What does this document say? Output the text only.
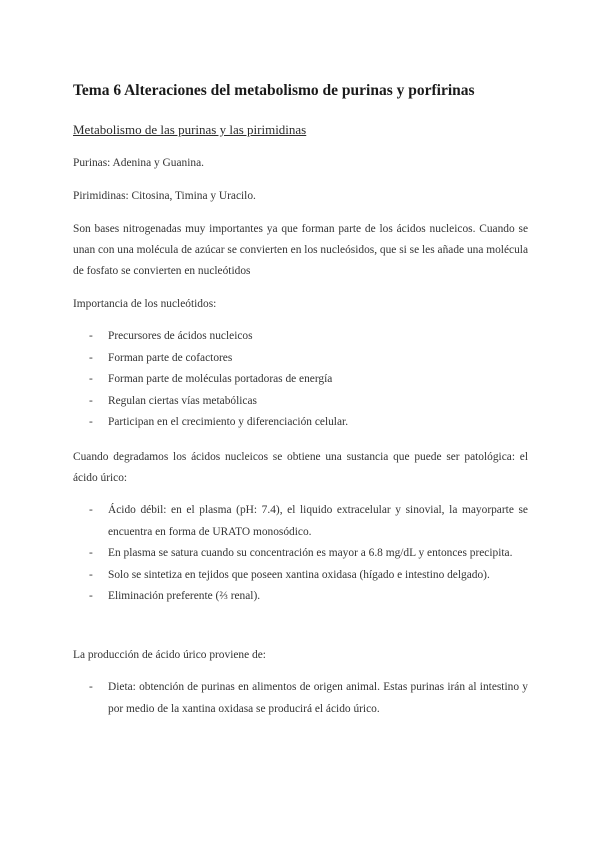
Tema 6 Alteraciones del metabolismo de purinas y porfirinas
Metabolismo de las purinas y las pirimidinas
Purinas: Adenina y Guanina.
Pirimidinas: Citosina, Timina y Uracilo.
Son bases nitrogenadas muy importantes ya que forman parte de los ácidos nucleicos. Cuando se unan con una molécula de azúcar se convierten en los nucleósidos, que si se les añade una molécula de fosfato se convierten en nucleótidos
Importancia de los nucleótidos:
- Precursores de ácidos nucleicos
- Forman parte de cofactores
- Forman parte de moléculas portadoras de energía
- Regulan ciertas vías metabólicas
- Participan en el crecimiento y diferenciación celular.
Cuando degradamos los ácidos nucleicos se obtiene una sustancia que puede ser patológica: el ácido úrico:
- Ácido débil: en el plasma (pH: 7.4), el liquido extracelular y sinovial, la mayorparte se encuentra en forma de URATO monosódico.
- En plasma se satura cuando su concentración es mayor a 6.8 mg/dL y entonces precipita.
- Solo se sintetiza en tejidos que poseen xantina oxidasa (hígado e intestino delgado).
- Eliminación preferente (⅔ renal).
La producción de ácido úrico proviene de:
- Dieta: obtención de purinas en alimentos de origen animal. Estas purinas irán al intestino y por medio de la xantina oxidasa se producirá el ácido úrico.
